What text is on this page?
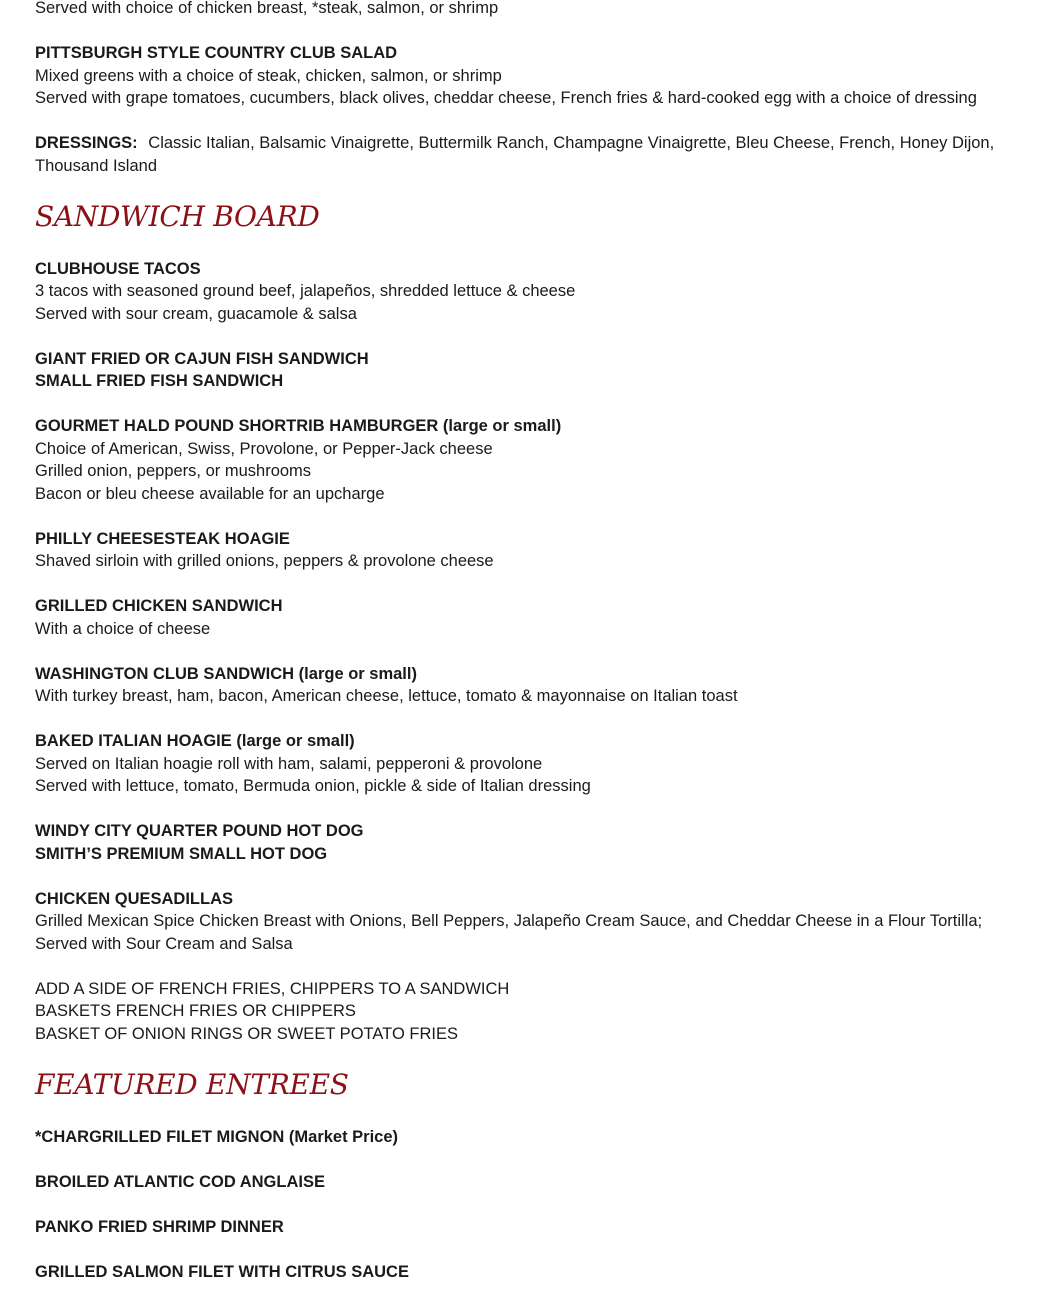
Served with choice of chicken breast, *steak, salmon, or shrimp
PITTSBURGH STYLE COUNTRY CLUB SALAD
Mixed greens with a choice of steak, chicken, salmon, or shrimp
Served with grape tomatoes, cucumbers, black olives, cheddar cheese, French fries & hard-cooked egg with a choice of dressing
DRESSINGS: Classic Italian, Balsamic Vinaigrette, Buttermilk Ranch, Champagne Vinaigrette, Bleu Cheese, French, Honey Dijon, Thousand Island
SANDWICH BOARD
CLUBHOUSE TACOS
3 tacos with seasoned ground beef, jalapeños, shredded lettuce & cheese
Served with sour cream, guacamole & salsa
GIANT FRIED OR CAJUN FISH SANDWICH
SMALL FRIED FISH SANDWICH
GOURMET HALD POUND SHORTRIB HAMBURGER (large or small)
Choice of American, Swiss, Provolone, or Pepper-Jack cheese
Grilled onion, peppers, or mushrooms
Bacon or bleu cheese available for an upcharge
PHILLY CHEESESTEAK HOAGIE
Shaved sirloin with grilled onions, peppers & provolone cheese
GRILLED CHICKEN SANDWICH
With a choice of cheese
WASHINGTON CLUB SANDWICH (large or small)
With turkey breast, ham, bacon, American cheese, lettuce, tomato & mayonnaise on Italian toast
BAKED ITALIAN HOAGIE (large or small)
Served on Italian hoagie roll with ham, salami, pepperoni & provolone
Served with lettuce, tomato, Bermuda onion, pickle & side of Italian dressing
WINDY CITY QUARTER POUND HOT DOG
SMITH’S PREMIUM SMALL HOT DOG
CHICKEN QUESADILLAS
Grilled Mexican Spice Chicken Breast with Onions, Bell Peppers, Jalapeño Cream Sauce, and Cheddar Cheese in a Flour Tortilla; Served with Sour Cream and Salsa
ADD A SIDE OF FRENCH FRIES, CHIPPERS TO A SANDWICH
BASKETS FRENCH FRIES OR CHIPPERS
BASKET OF ONION RINGS OR SWEET POTATO FRIES
FEATURED ENTREES
*CHARGRILLED FILET MIGNON (Market Price)
BROILED ATLANTIC COD ANGLAISE
PANKO FRIED SHRIMP DINNER
GRILLED SALMON FILET WITH CITRUS SAUCE
